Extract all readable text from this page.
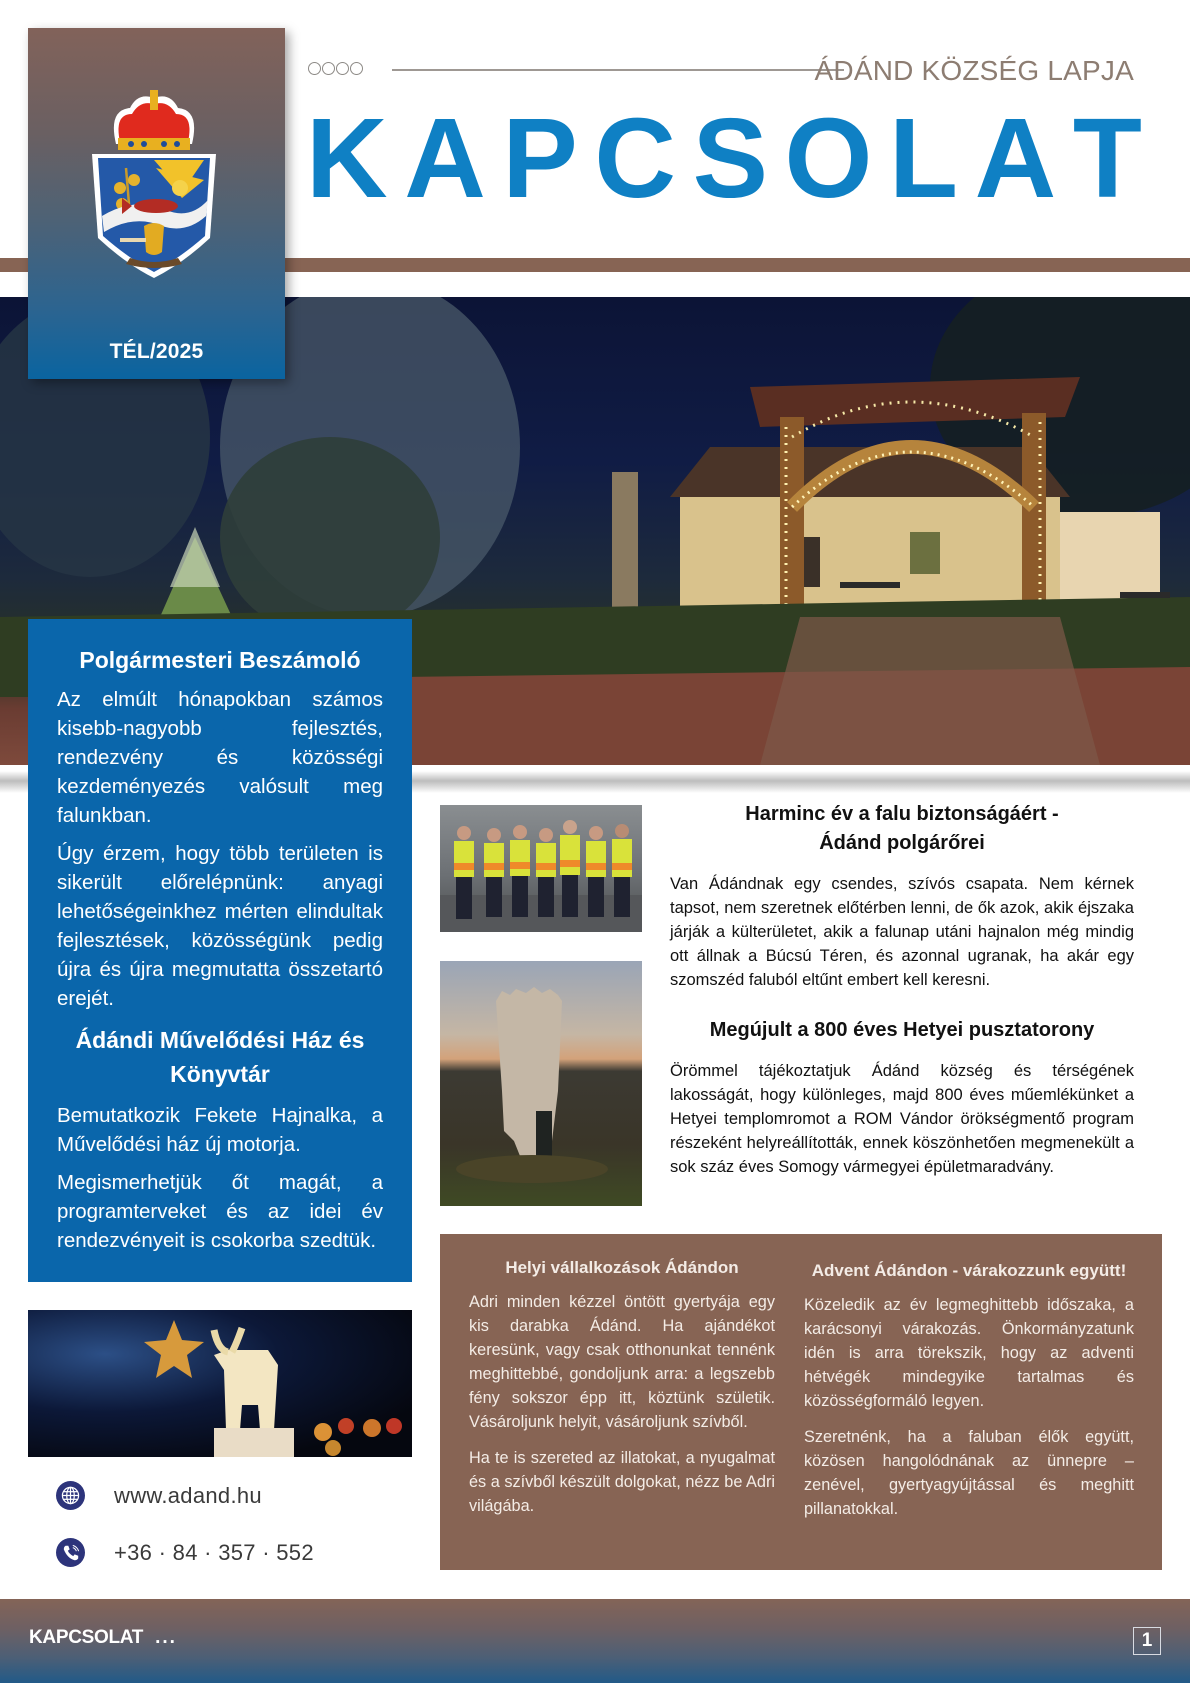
TÉL/2025
ÁDÁND KÖZSÉG LAPJA
K A P C S O L A T
Polgármesteri Beszámoló

Az elmúlt hónapokban számos kisebb-nagyobb fejlesztés, rendezvény és közösségi kezdeményezés valósult meg falunkban.

Úgy érzem, hogy több területen is sikerült előrelépnünk: anyagi lehetőségeinkhez mérten elindultak fejlesztések, közösségünk pedig újra és újra megmutatta összetartó erejét.

Ádándi Művelődési Ház és Könyvtár

Bemutatkozik Fekete Hajnalka, a Művelődési ház új motorja.

Megismerhetjük őt magát, a programterveket és az idei év rendezvényeit is csokorba szedtük.

www.adand.hu
+36 · 84 · 357 · 552
Harminc év a falu biztonságáért -
Ádánd polgárőrei

Van Ádándnak egy csendes, szívós csapata. Nem kérnek tapsot, nem szeretnek előtérben lenni, de ők azok, akik éjszaka járják a külterületet, akik a falunap utáni hajnalon még mindig ott állnak a Búcsú Téren, és azonnal ugranak, ha akár egy szomszéd faluból eltűnt embert kell keresni.

Megújult a 800 éves Hetyei pusztatorony

Örömmel tájékoztatjuk Ádánd község és térségének lakosságát, hogy különleges, majd 800 éves műemlékünket a Hetyei templomromot a ROM Vándor örökségmentő program részeként helyreállították, ennek köszönhetően megmenekült a sok száz éves Somogy vármegyei épületmaradvány.

Helyi vállalkozások Ádándon

Adri minden kézzel öntött gyertyája egy kis darabka Ádánd. Ha ajándékot keresünk, vagy csak otthonunkat tennénk meghittebbé, gondoljunk arra: a legszebb fény sokszor épp itt, köztünk születik. Vásároljunk helyit, vásároljunk szívből.

Ha te is szereted az illatokat, a nyugalmat és a szívből készült dolgokat, nézz be Adri világába.

Advent Ádándon - várakozzunk együtt!

Közeledik az év legmeghittebb időszaka, a karácsonyi várakozás. Önkormányzatunk idén is arra törekszik, hogy az adventi hétvégék mindegyike tartalmas és közösségformáló legyen.

Szeretnénk, ha a faluban élők együtt, közösen hangolódnának az ünnepre – zenével, gyertyagyújtással és meghitt pillanatokkal.

KAPCSOLAT ...	1
